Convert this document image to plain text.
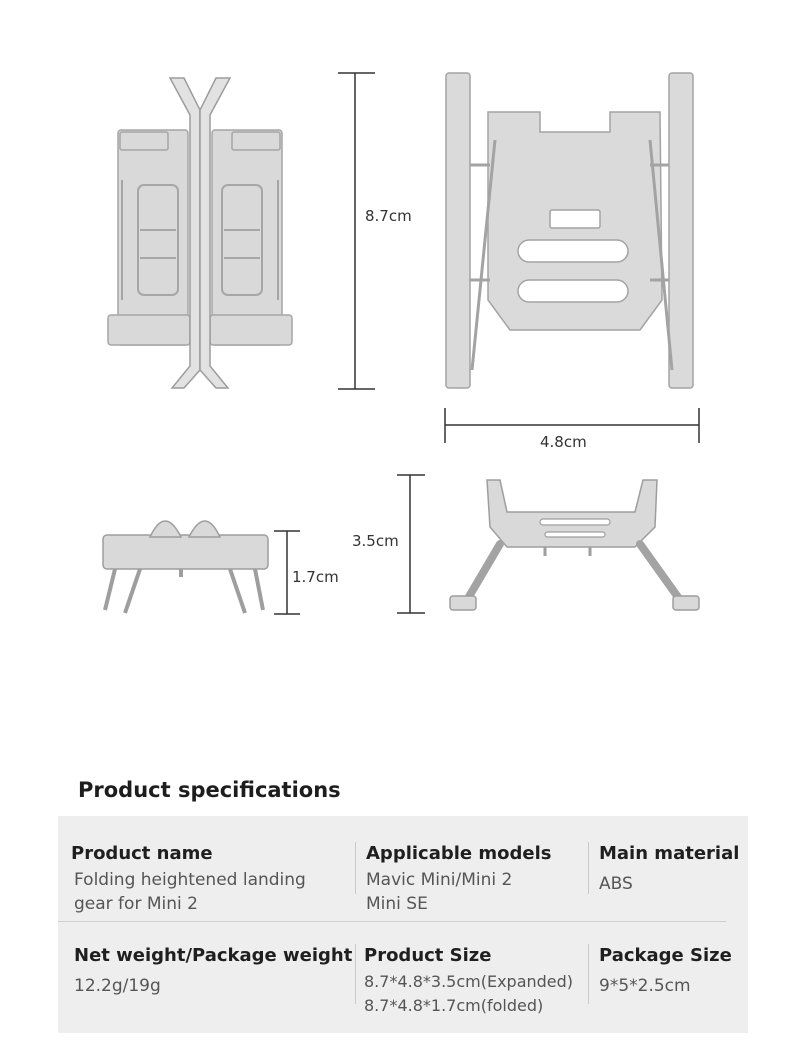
8.7cm
4.8cm
1.7cm
3.5cm
Product specifications
Product name
Folding heightened landing
gear for Mini 2
Applicable models
Mavic Mini/Mini 2
Mini SE
Main material
ABS
Net weight/Package weight
12.2g/19g
Product Size
8.7*4.8*3.5cm(Expanded)
8.7*4.8*1.7cm(folded)
Package Size
9*5*2.5cm
